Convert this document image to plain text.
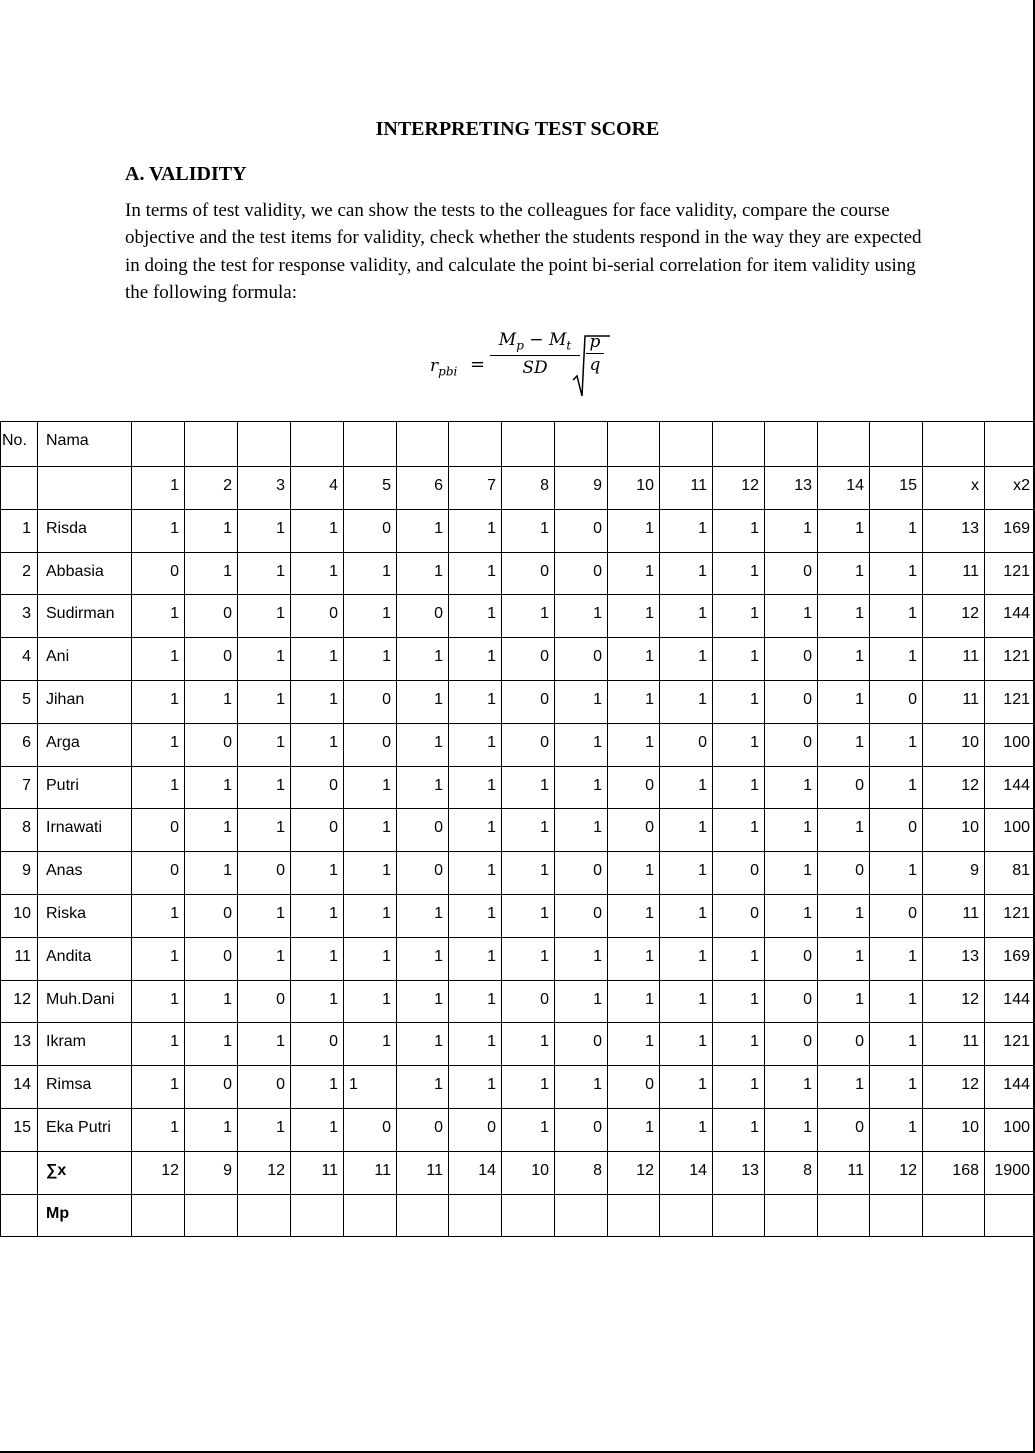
INTERPRETING TEST SCORE
A. VALIDITY
In terms of test validity, we can show the tests to the colleagues for face validity, compare the course objective and the test items for validity, check whether the students respond in the way they are expected in doing the test for response validity, and calculate the point bi-serial correlation for item validity using the following formula:
$r_{pbi} = \frac{M_p - M_t}{SD}$ p
q
No.	Nama																	
		1	2	3	4	5	6	7	8	9	10	11	12	13	14	15	x	x2
1	Risda	1	1	1	1	0	1	1	1	0	1	1	1	1	1	1	13	169
2	Abbasia	0	1	1	1	1	1	1	0	0	1	1	1	0	1	1	11	121
3	Sudirman	1	0	1	0	1	0	1	1	1	1	1	1	1	1	1	12	144
4	Ani	1	0	1	1	1	1	1	0	0	1	1	1	0	1	1	11	121
5	Jihan	1	1	1	1	0	1	1	0	1	1	1	1	0	1	0	11	121
6	Arga	1	0	1	1	0	1	1	0	1	1	0	1	0	1	1	10	100
7	Putri	1	1	1	0	1	1	1	1	1	0	1	1	1	0	1	12	144
8	Irnawati	0	1	1	0	1	0	1	1	1	0	1	1	1	1	0	10	100
9	Anas	0	1	0	1	1	0	1	1	0	1	1	0	1	0	1	9	81
10	Riska	1	0	1	1	1	1	1	1	0	1	1	0	1	1	0	11	121
11	Andita	1	0	1	1	1	1	1	1	1	1	1	1	0	1	1	13	169
12	Muh.Dani	1	1	0	1	1	1	1	0	1	1	1	1	0	1	1	12	144
13	Ikram	1	1	1	0	1	1	1	1	0	1	1	1	0	0	1	11	121
14	Rimsa	1	0	0	1	1	1	1	1	1	0	1	1	1	1	1	12	144
15	Eka Putri	1	1	1	1	0	0	0	1	0	1	1	1	1	0	1	10	100
	∑x	12	9	12	11	11	11	14	10	8	12	14	13	8	11	12	168	1900
	Mp																	
